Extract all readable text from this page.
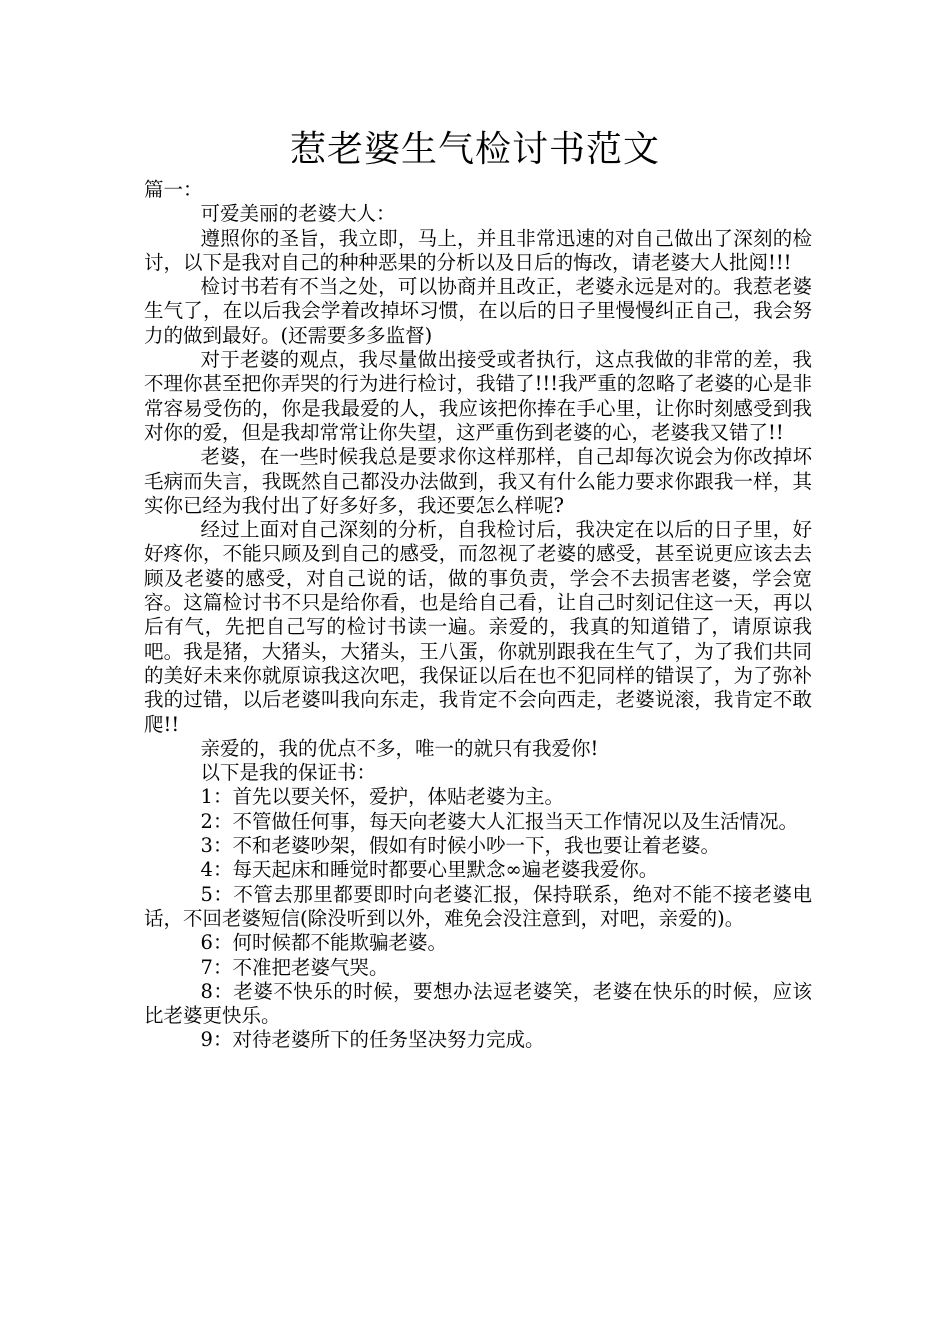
惹老婆生气检讨书范文

篇一：

可爱美丽的老婆大人：

遵照你的圣旨，我立即，马上，并且非常迅速的对自己做出了深刻的检讨，以下是我对自己的种种恶果的分析以及日后的悔改，请老婆大人批阅!!!

检讨书若有不当之处，可以协商并且改正，老婆永远是对的。我惹老婆生气了，在以后我会学着改掉坏习惯，在以后的日子里慢慢纠正自己，我会努力的做到最好。(还需要多多监督)

对于老婆的观点，我尽量做出接受或者执行，这点我做的非常的差，我不理你甚至把你弄哭的行为进行检讨，我错了!!!我严重的忽略了老婆的心是非常容易受伤的，你是我最爱的人，我应该把你捧在手心里，让你时刻感受到我对你的爱，但是我却常常让你失望，这严重伤到老婆的心，老婆我又错了!!

老婆，在一些时候我总是要求你这样那样，自己却每次说会为你改掉坏毛病而失言，我既然自己都没办法做到，我又有什么能力要求你跟我一样，其实你已经为我付出了好多好多，我还要怎么样呢?

经过上面对自己深刻的分析，自我检讨后，我决定在以后的日子里，好好疼你，不能只顾及到自己的感受，而忽视了老婆的感受，甚至说更应该去去顾及老婆的感受，对自己说的话，做的事负责，学会不去损害老婆，学会宽容。这篇检讨书不只是给你看，也是给自己看，让自己时刻记住这一天，再以后有气，先把自己写的检讨书读一遍。亲爱的，我真的知道错了，请原谅我吧。我是猪，大猪头，大猪头，王八蛋，你就别跟我在生气了，为了我们共同的美好未来你就原谅我这次吧，我保证以后在也不犯同样的错误了，为了弥补我的过错，以后老婆叫我向东走，我肯定不会向西走，老婆说滚，我肯定不敢爬!!

亲爱的，我的优点不多，唯一的就只有我爱你!

以下是我的保证书：

1：首先以要关怀，爱护，体贴老婆为主。

2：不管做任何事，每天向老婆大人汇报当天工作情况以及生活情况。

3：不和老婆吵架，假如有时候小吵一下，我也要让着老婆。

4：每天起床和睡觉时都要心里默念∞遍老婆我爱你。

5：不管去那里都要即时向老婆汇报，保持联系，绝对不能不接老婆电话，不回老婆短信(除没听到以外，难免会没注意到，对吧，亲爱的)。

6：何时候都不能欺骗老婆。

7：不准把老婆气哭。

8：老婆不快乐的时候，要想办法逗老婆笑，老婆在快乐的时候，应该比老婆更快乐。

9：对待老婆所下的任务坚决努力完成。
